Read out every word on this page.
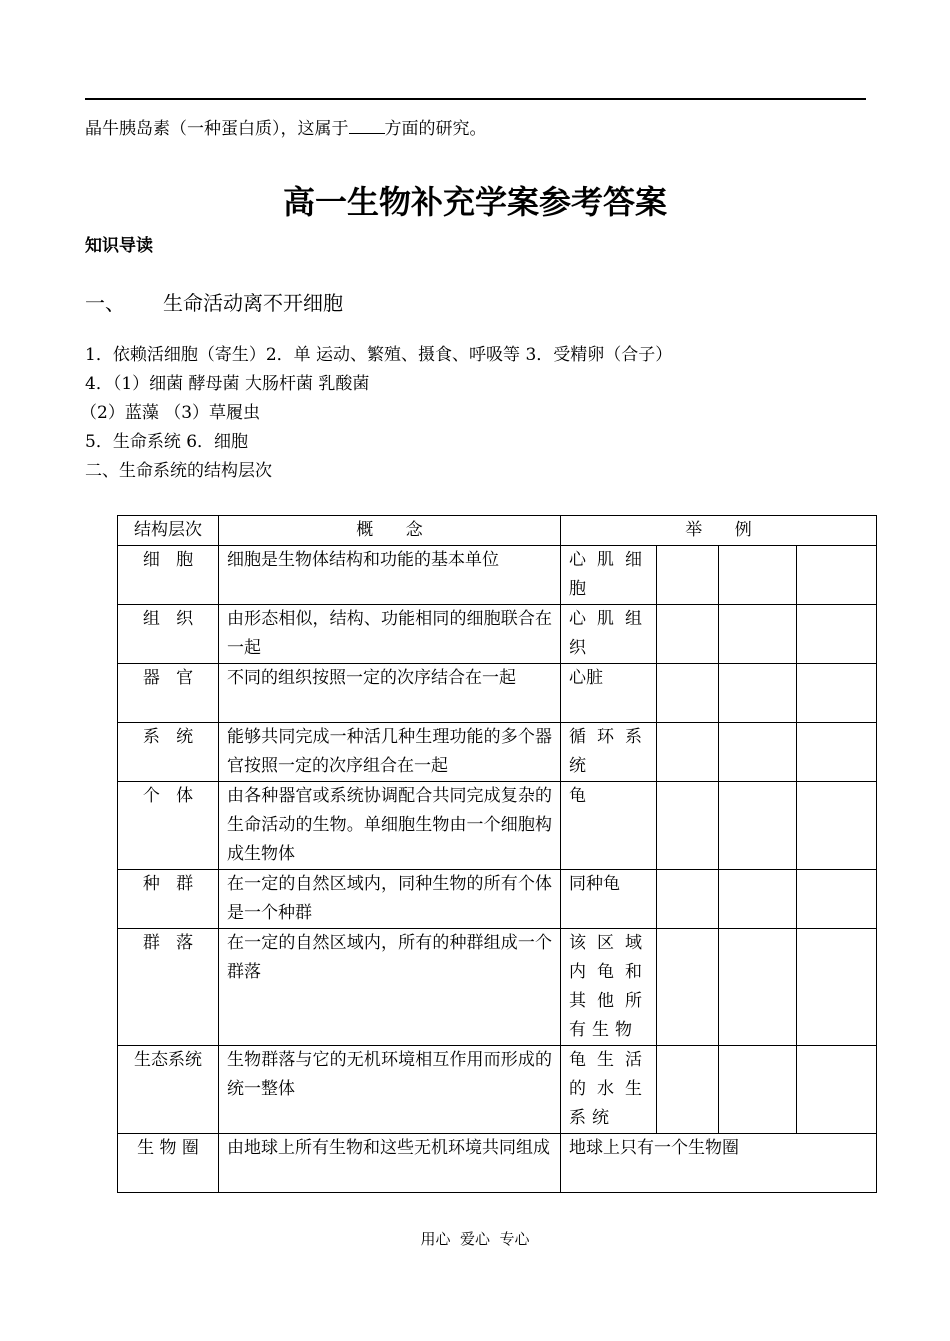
晶牛胰岛素（一种蛋白质），这属于 方面的研究。
高一生物补充学案参考答案
知识导读
一、 生命活动离不开细胞
1．依赖活细胞（寄生）2．单 运动、繁殖、摄食、呼吸等 3．受精卵（合子）
4．（1）细菌 酵母菌 大肠杆菌 乳酸菌
（2）蓝藻 （3）草履虫
5．生命系统 6．细胞
二、生命系统的结构层次
结构层次	概      念	举      例			
细   胞	细胞是生物体结构和功能的基本单位	心肌细胞			
组   织	由形态相似，结构、功能相同的细胞联合在一起	心肌组织			
器   官	不同的组织按照一定的次序结合在一起	心脏			
系   统	能够共同完成一种活几种生理功能的多个器官按照一定的次序组合在一起	循环系统			
个   体	由各种器官或系统协调配合共同完成复杂的生命活动的生物。单细胞生物由一个细胞构成生物体	龟			
种   群	在一定的自然区域内，同种生物的所有个体是一个种群	同种龟			
群   落	在一定的自然区域内，所有的种群组成一个群落	该区域内龟和其他所有生物			
生态系统	生物群落与它的无机环境相互作用而形成的统一整体	龟生活的水生系统			
生 物 圈	由地球上所有生物和这些无机环境共同组成	地球上只有一个生物圈			
用心  爱心  专心
